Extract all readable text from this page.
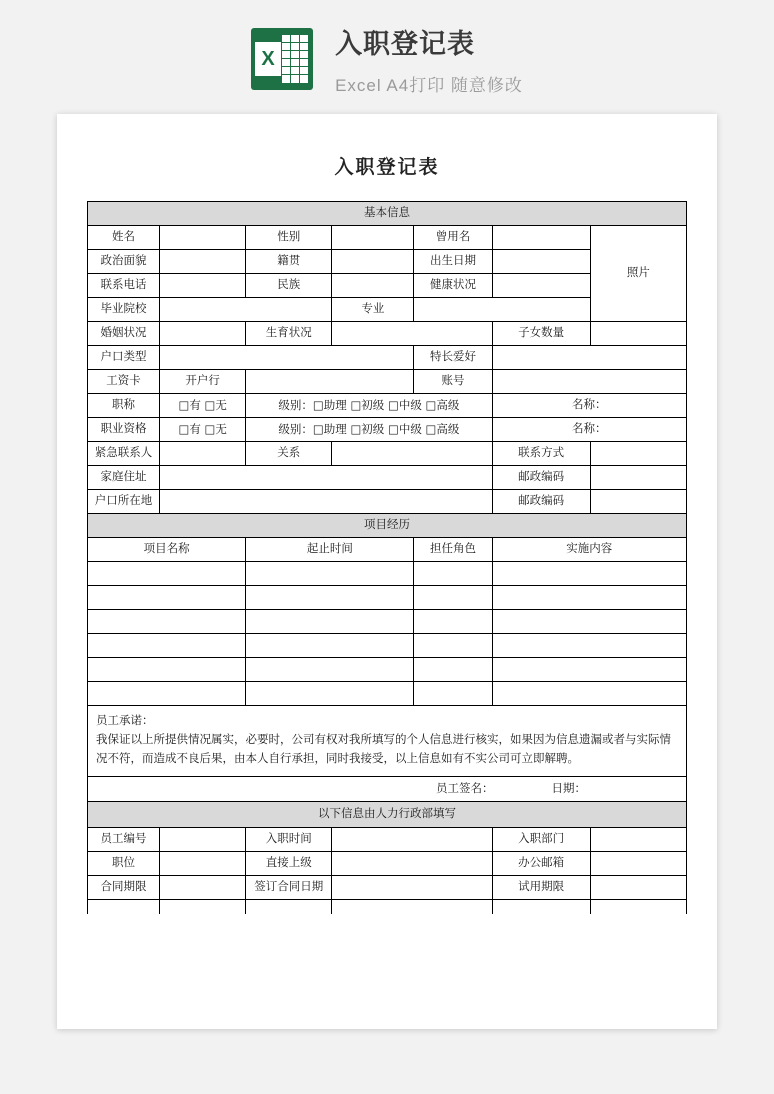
X 入职登记表
Excel A4打印 随意修改
入职登记表
基本信息						
姓名		性别		曾用名		照片
政治面貌		籍贯		出生日期		
联系电话		民族		健康状况		
毕业院校			专业			
婚姻状况		生育状况			子女数量	
户口类型				特长爱好		
工资卡	开户行			账号		
职称	□有 □无	级别：□助理 □初级 □中级 □高级			名称：	
职业资格	□有 □无	级别：□助理 □初级 □中级 □高级			名称：	
紧急联系人		关系			联系方式	
家庭住址					邮政编码	
户口所在地					邮政编码	
项目经历						
项目名称		起止时间		担任角色	实施内容	

员工承诺：
我保证以上所提供情况属实，必要时，公司有权对我所填写的个人信息进行核实，如果因为信息遗漏或者与实际情况不符，而造成不良后果，由本人自行承担，同时我接受，以上信息如有不实公司可立即解聘。
员工签名： 日期：					

以下信息由人力行政部填写					
员工编号		入职时间		入职部门	
职位		直接上级		办公邮箱	
合同期限		签订合同日期		试用期限	
